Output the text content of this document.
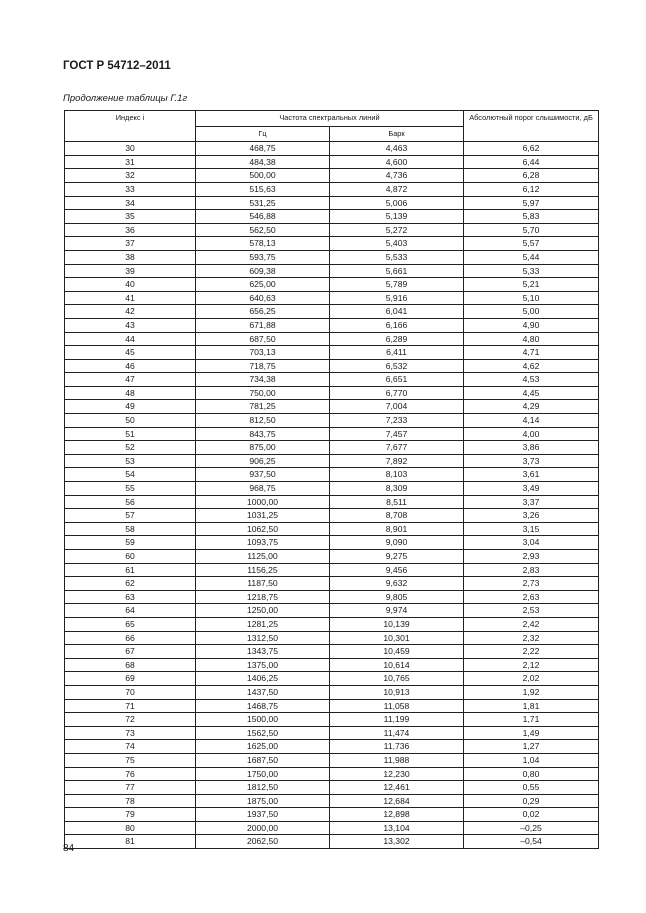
ГОСТ Р 54712–2011
Продолжение таблицы Г.1г
Индекс i	Частота спектральных линий		Абсолютный порог слышимости, дБ
	Гц	Барк	
30	468,75	4,463	6,62
31	484,38	4,600	6,44
32	500,00	4,736	6,28
33	515,63	4,872	6,12
34	531,25	5,006	5,97
35	546,88	5,139	5,83
36	562,50	5,272	5,70
37	578,13	5,403	5,57
38	593,75	5,533	5,44
39	609,38	5,661	5,33
40	625,00	5,789	5,21
41	640,63	5,916	5,10
42	656,25	6,041	5,00
43	671,88	6,166	4,90
44	687,50	6,289	4,80
45	703,13	6,411	4,71
46	718,75	6,532	4,62
47	734,38	6,651	4,53
48	750,00	6,770	4,45
49	781,25	7,004	4,29
50	812,50	7,233	4,14
51	843,75	7,457	4,00
52	875,00	7,677	3,86
53	906,25	7,892	3,73
54	937,50	8,103	3,61
55	968,75	8,309	3,49
56	1000,00	8,511	3,37
57	1031,25	8,708	3,26
58	1062,50	8,901	3,15
59	1093,75	9,090	3,04
60	1125,00	9,275	2,93
61	1156,25	9,456	2,83
62	1187,50	9,632	2,73
63	1218,75	9,805	2,63
64	1250,00	9,974	2,53
65	1281,25	10,139	2,42
66	1312,50	10,301	2,32
67	1343,75	10,459	2,22
68	1375,00	10,614	2,12
69	1406,25	10,765	2,02
70	1437,50	10,913	1,92
71	1468,75	11,058	1,81
72	1500,00	11,199	1,71
73	1562,50	11,474	1,49
74	1625,00	11,736	1,27
75	1687,50	11,988	1,04
76	1750,00	12,230	0,80
77	1812,50	12,461	0,55
78	1875,00	12,684	0,29
79	1937,50	12,898	0,02
80	2000,00	13,104	–0,25
81	2062,50	13,302	–0,54
84
